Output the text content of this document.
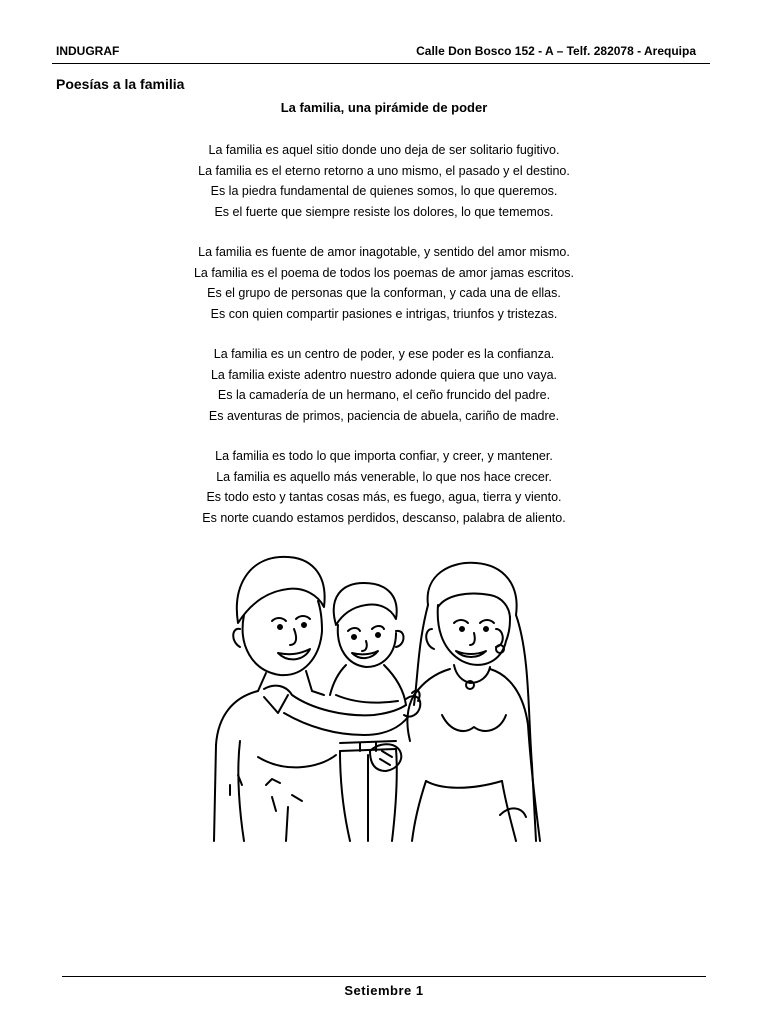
INDUGRAF	Calle Don Bosco 152 - A – Telf. 282078 - Arequipa
Poesías a la familia
La familia, una pirámide de poder
La familia es aquel sitio donde uno deja de ser solitario fugitivo.
La familia es el eterno retorno a uno mismo, el pasado y el destino.
Es la piedra fundamental de quienes somos, lo que queremos.
Es el fuerte que siempre resiste los dolores, lo que tememos.
La familia es fuente de amor inagotable, y sentido del amor mismo.
La familia es el poema de todos los poemas de amor jamas escritos.
Es el grupo de personas que la conforman, y cada una de ellas.
Es con quien compartir pasiones e intrigas, triunfos y tristezas.
La familia es un centro de poder, y ese poder es la confianza.
La familia existe adentro nuestro adonde quiera que uno vaya.
Es la camadería de un hermano, el ceño fruncido del padre.
Es aventuras de primos, paciencia de abuela, cariño de madre.
La familia es todo lo que importa confiar, y creer, y mantener.
La familia es aquello más venerable, lo que nos hace crecer.
Es todo esto y tantas cosas más, es fuego, agua, tierra y viento.
Es norte cuando estamos perdidos, descanso, palabra de aliento.
Setiembre 1
